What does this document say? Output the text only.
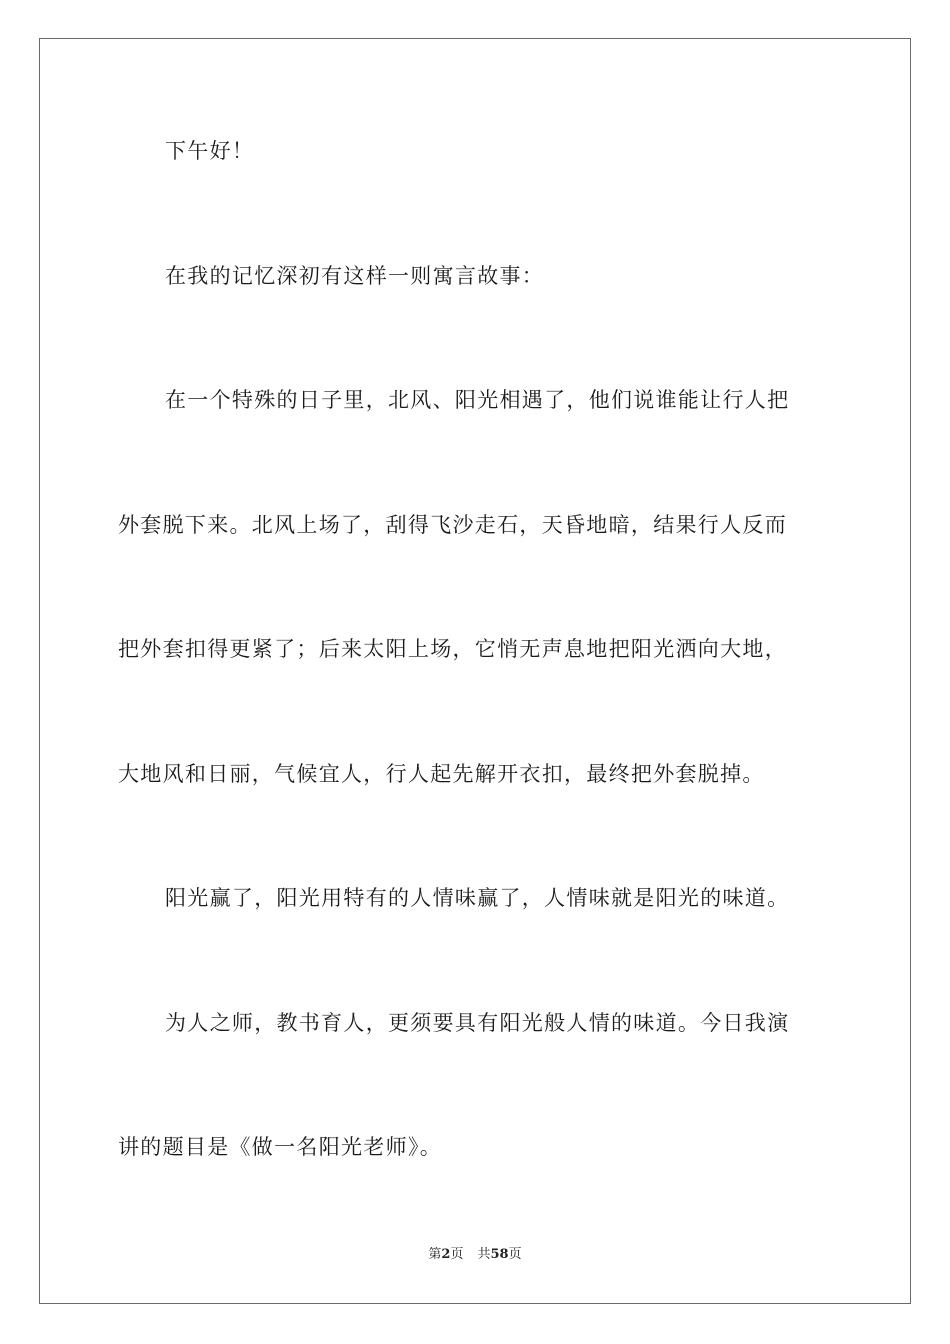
下午好！
在我的记忆深初有这样一则寓言故事：
在一个特殊的日子里，北风、阳光相遇了，他们说谁能让行人把
外套脱下来。北风上场了，刮得飞沙走石，天昏地暗，结果行人反而
把外套扣得更紧了；后来太阳上场，它悄无声息地把阳光洒向大地，
大地风和日丽，气候宜人，行人起先解开衣扣，最终把外套脱掉。
阳光赢了，阳光用特有的人情味赢了，人情味就是阳光的味道。
为人之师，教书育人，更须要具有阳光般人情的味道。今日我演
讲的题目是《做一名阳光老师》。
第2页 共58页
